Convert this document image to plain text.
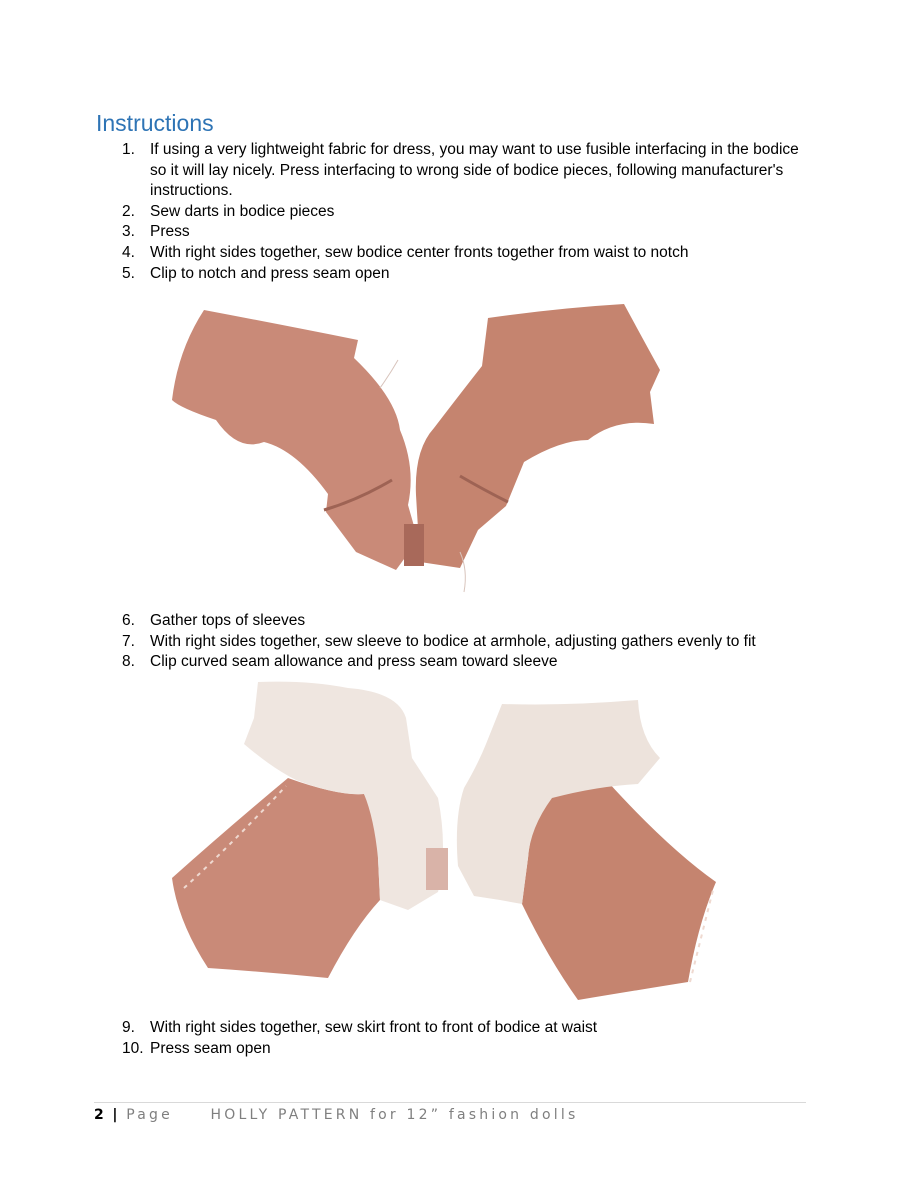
Instructions
1. If using a very lightweight fabric for dress, you may want to use fusible interfacing in the bodice so it will lay nicely. Press interfacing to wrong side of bodice pieces, following manufacturer's instructions.
2. Sew darts in bodice pieces
3. Press
4. With right sides together, sew bodice center fronts together from waist to notch
5. Clip to notch and press seam open
6. Gather tops of sleeves
7. With right sides together, sew sleeve to bodice at armhole, adjusting gathers evenly to fit
8. Clip curved seam allowance and press seam toward sleeve
9. With right sides together, sew skirt front to front of bodice at waist
10. Press seam open
2 | Page	HOLLY PATTERN for 12” fashion dolls
